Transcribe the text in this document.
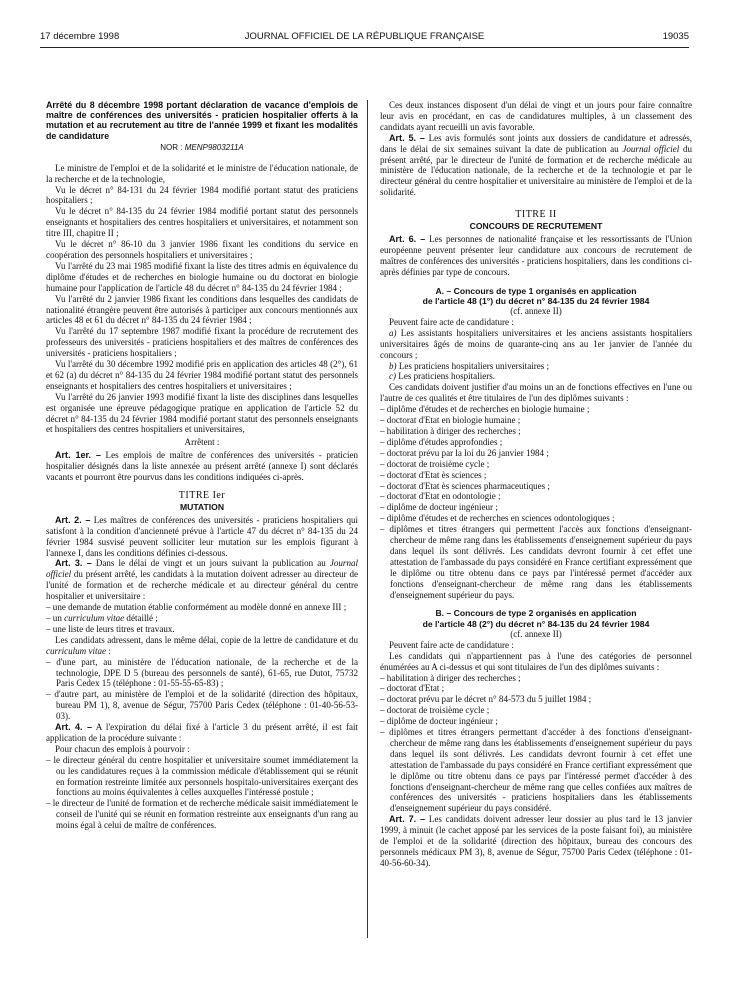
17 décembre 1998	JOURNAL OFFICIEL DE LA RÉPUBLIQUE FRANÇAISE	19035

Arrêté du 8 décembre 1998 portant déclaration de vacance d'emplois de maître de conférences des universités - praticien hospitalier offerts à la mutation et au recrutement au titre de l'année 1999 et fixant les modalités de candidature

NOR : MENP9803211A

Le ministre de l'emploi et de la solidarité et le ministre de l'éducation nationale, de la recherche et de la technologie,

Vu le décret n° 84-131 du 24 février 1984 modifié portant statut des praticiens hospitaliers ;

Vu le décret n° 84-135 du 24 février 1984 modifié portant statut des personnels enseignants et hospitaliers des centres hospitaliers et universitaires, et notamment son titre III, chapitre II ;

Vu le décret n° 86-10 du 3 janvier 1986 fixant les conditions du service en coopération des personnels hospitaliers et universitaires ;

Vu l'arrêté du 23 mai 1985 modifié fixant la liste des titres admis en équivalence du diplôme d'études et de recherches en biologie humaine ou du doctorat en biologie humaine pour l'application de l'article 48 du décret n° 84-135 du 24 février 1984 ;

Vu l'arrêté du 2 janvier 1986 fixant les conditions dans lesquelles des candidats de nationalité étrangère peuvent être autorisés à participer aux concours mentionnés aux articles 48 et 61 du décret n° 84-135 du 24 février 1984 ;

Vu l'arrêté du 17 septembre 1987 modifié fixant la procédure de recrutement des professeurs des universités - praticiens hospitaliers et des maîtres de conférences des universités - praticiens hospitaliers ;

Vu l'arrêté du 30 décembre 1992 modifié pris en application des articles 48 (2°), 61 et 62 (a) du décret n° 84-135 du 24 février 1984 modifié portant statut des personnels enseignants et hospitaliers des centres hospitaliers et universitaires ;

Vu l'arrêté du 26 janvier 1993 modifié fixant la liste des disciplines dans lesquelles est organisée une épreuve pédagogique pratique en application de l'article 52 du décret n° 84-135 du 24 février 1984 modifié portant statut des personnels enseignants et hospitaliers des centres hospitaliers et universitaires,

Arrêtent :

Art. 1er. – Les emplois de maître de conférences des universités - praticien hospitalier désignés dans la liste annexée au présent arrêté (annexe I) sont déclarés vacants et pourront être pourvus dans les conditions indiquées ci-après.

TITRE Ier

MUTATION

Art. 2. – Les maîtres de conférences des universités - praticiens hospitaliers qui satisfont à la condition d'ancienneté prévue à l'article 47 du décret n° 84-135 du 24 février 1984 susvisé peuvent solliciter leur mutation sur les emplois figurant à l'annexe I, dans les conditions définies ci-dessous.

Art. 3. – Dans le délai de vingt et un jours suivant la publication au Journal officiel du présent arrêté, les candidats à la mutation doivent adresser au directeur de l'unité de formation et de recherche médicale et au directeur général du centre hospitalier et universitaire :

– une demande de mutation établie conformément au modèle donné en annexe III ;
– un curriculum vitae détaillé ;
– une liste de leurs titres et travaux.

Les candidats adressent, dans le même délai, copie de la lettre de candidature et du curriculum vitae :

– d'une part, au ministère de l'éducation nationale, de la recherche et de la technologie, DPE D 5 (bureau des personnels de santé), 61-65, rue Dutot, 75732 Paris Cedex 15 (téléphone : 01-55-55-65-83) ;
– d'autre part, au ministère de l'emploi et de la solidarité (direction des hôpitaux, bureau PM 1), 8, avenue de Ségur, 75700 Paris Cedex (téléphone : 01-40-56-53-03).

Art. 4. – A l'expiration du délai fixé à l'article 3 du présent arrêté, il est fait application de la procédure suivante :

Pour chacun des emplois à pourvoir :

– le directeur général du centre hospitalier et universitaire soumet immédiatement la ou les candidatures reçues à la commission médicale d'établissement qui se réunit en formation restreinte limitée aux personnels hospitalo-universitaires exerçant des fonctions au moins équivalentes à celles auxquelles l'intéressé postule ;
– le directeur de l'unité de formation et de recherche médicale saisit immédiatement le conseil de l'unité qui se réunit en formation restreinte aux enseignants d'un rang au moins égal à celui de maître de conférences.

Ces deux instances disposent d'un délai de vingt et un jours pour faire connaître leur avis en procédant, en cas de candidatures multiples, à un classement des candidats ayant recueilli un avis favorable.

Art. 5. – Les avis formulés sont joints aux dossiers de candidature et adressés, dans le délai de six semaines suivant la date de publication au Journal officiel du présent arrêté, par le directeur de l'unité de formation et de recherche médicale au ministère de l'éducation nationale, de la recherche et de la technologie et par le directeur général du centre hospitalier et universitaire au ministère de l'emploi et de la solidarité.

TITRE II

CONCOURS DE RECRUTEMENT

Art. 6. – Les personnes de nationalité française et les ressortissants de l'Union européenne peuvent présenter leur candidature aux concours de recrutement de maîtres de conférences des universités - praticiens hospitaliers, dans les conditions ci-après définies par type de concours.

A. – Concours de type 1 organisés en application
de l'article 48 (1°) du décret n° 84-135 du 24 février 1984

(cf. annexe II)

Peuvent faire acte de candidature :

a) Les assistants hospitaliers universitaires et les anciens assistants hospitaliers universitaires âgés de moins de quarante-cinq ans au 1er janvier de l'année du concours ;

b) Les praticiens hospitaliers universitaires ;

c) Les praticiens hospitaliers.

Ces candidats doivent justifier d'au moins un an de fonctions effectives en l'une ou l'autre de ces qualités et être titulaires de l'un des diplômes suivants :

– diplôme d'études et de recherches en biologie humaine ;
– doctorat d'Etat en biologie humaine ;
– habilitation à diriger des recherches ;
– diplôme d'études approfondies ;
– doctorat prévu par la loi du 26 janvier 1984 ;
– doctorat de troisième cycle ;
– doctorat d'Etat ès sciences ;
– doctorat d'Etat ès sciences pharmaceutiques ;
– doctorat d'Etat en odontologie ;
– diplôme de docteur ingénieur ;
– diplôme d'études et de recherches en sciences odontologiques ;
– diplômes et titres étrangers qui permettent l'accès aux fonctions d'enseignant-chercheur de même rang dans les établissements d'enseignement supérieur du pays dans lequel ils sont délivrés. Les candidats devront fournir à cet effet une attestation de l'ambassade du pays considéré en France certifiant expressément que le diplôme ou titre obtenu dans ce pays par l'intéressé permet d'accéder aux fonctions d'enseignant-chercheur de même rang dans les établissements d'enseignement supérieur du pays.

B. – Concours de type 2 organisés en application
de l'article 48 (2°) du décret n° 84-135 du 24 février 1984

(cf. annexe II)

Peuvent faire acte de candidature :

Les candidats qui n'appartiennent pas à l'une des catégories de personnel énumérées au A ci-dessus et qui sont titulaires de l'un des diplômes suivants :

– habilitation à diriger des recherches ;
– doctorat d'Etat ;
– doctorat prévu par le décret n° 84-573 du 5 juillet 1984 ;
– doctorat de troisième cycle ;
– diplôme de docteur ingénieur ;
– diplômes et titres étrangers permettant d'accéder à des fonctions d'enseignant-chercheur de même rang dans les établissements d'enseignement supérieur du pays dans lequel ils sont délivrés. Les candidats devront fournir à cet effet une attestation de l'ambassade du pays considéré en France certifiant expressément que le diplôme ou titre obtenu dans ce pays par l'intéressé permet d'accéder à des fonctions d'enseignant-chercheur de même rang que celles confiées aux maîtres de conférences des universités - praticiens hospitaliers dans les établissements d'enseignement supérieur du pays considéré.

Art. 7. – Les candidats doivent adresser leur dossier au plus tard le 13 janvier 1999, à minuit (le cachet apposé par les services de la poste faisant foi), au ministère de l'emploi et de la solidarité (direction des hôpitaux, bureau des concours des personnels médicaux PM 3), 8, avenue de Ségur, 75700 Paris Cedex (téléphone : 01-40-56-60-34).
